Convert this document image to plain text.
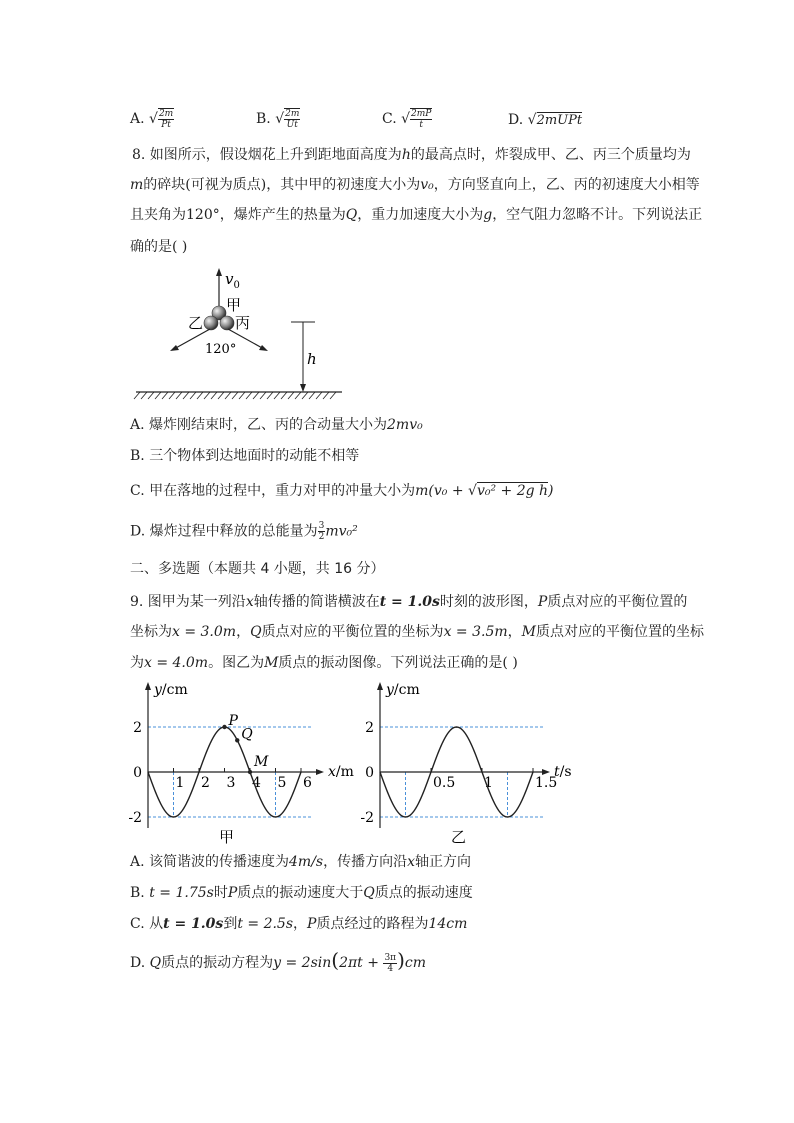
A. √ $\frac{2m}{Pt}$	B. √ $\frac{2m}{Ut}$	C. √ $\frac{2mP}{t}$	D. √2mUPt
8. 如图所示，假设烟花上升到距地面高度为h的最高点时，炸裂成甲、乙、丙三个质量均为
m的碎块(可视为质点)，其中甲的初速度大小为v₀，方向竖直向上，乙、丙的初速度大小相等
且夹角为120°，爆炸产生的热量为Q，重力加速度大小为g，空气阻力忽略不计。下列说法正
确的是( )
$v_0$
甲
乙 丙
120°
h
A. 爆炸刚结束时，乙、丙的合动量大小为2mv₀
B. 三个物体到达地面时的动能不相等
C. 甲在落地的过程中，重力对甲的冲量大小为m(v₀ + √v₀² + 2g h)
D. 爆炸过程中释放的总能量为 $\frac{3}{2} mv_0^2$
二、多选题（本题共 4 小题，共 16 分）
9. 图甲为某一列沿x轴传播的简谐横波在t = 1.0s时刻的波形图，P质点对应的平衡位置的
坐标为x = 3.0m，Q质点对应的平衡位置的坐标为x = 3.5m，M质点对应的平衡位置的坐标
为x = 4.0m。图乙为M质点的振动图像。下列说法正确的是( )
y/cm
x/m
2
0
-2
1 2 3 4 5 6
甲
P
Q
M
y/cm
t/s
2
0
-2
0.5 1	1.5
乙
A. 该简谐波的传播速度为4m/s，传播方向沿x轴正方向
B. t = 1.75s时P质点的振动速度大于Q质点的振动速度
C. 从t = 1.0s到t = 2.5s，P质点经过的路程为14cm
D. Q质点的振动方程为$y = 2\sin(2\pi t + \frac{3\pi}{4} )cm$
